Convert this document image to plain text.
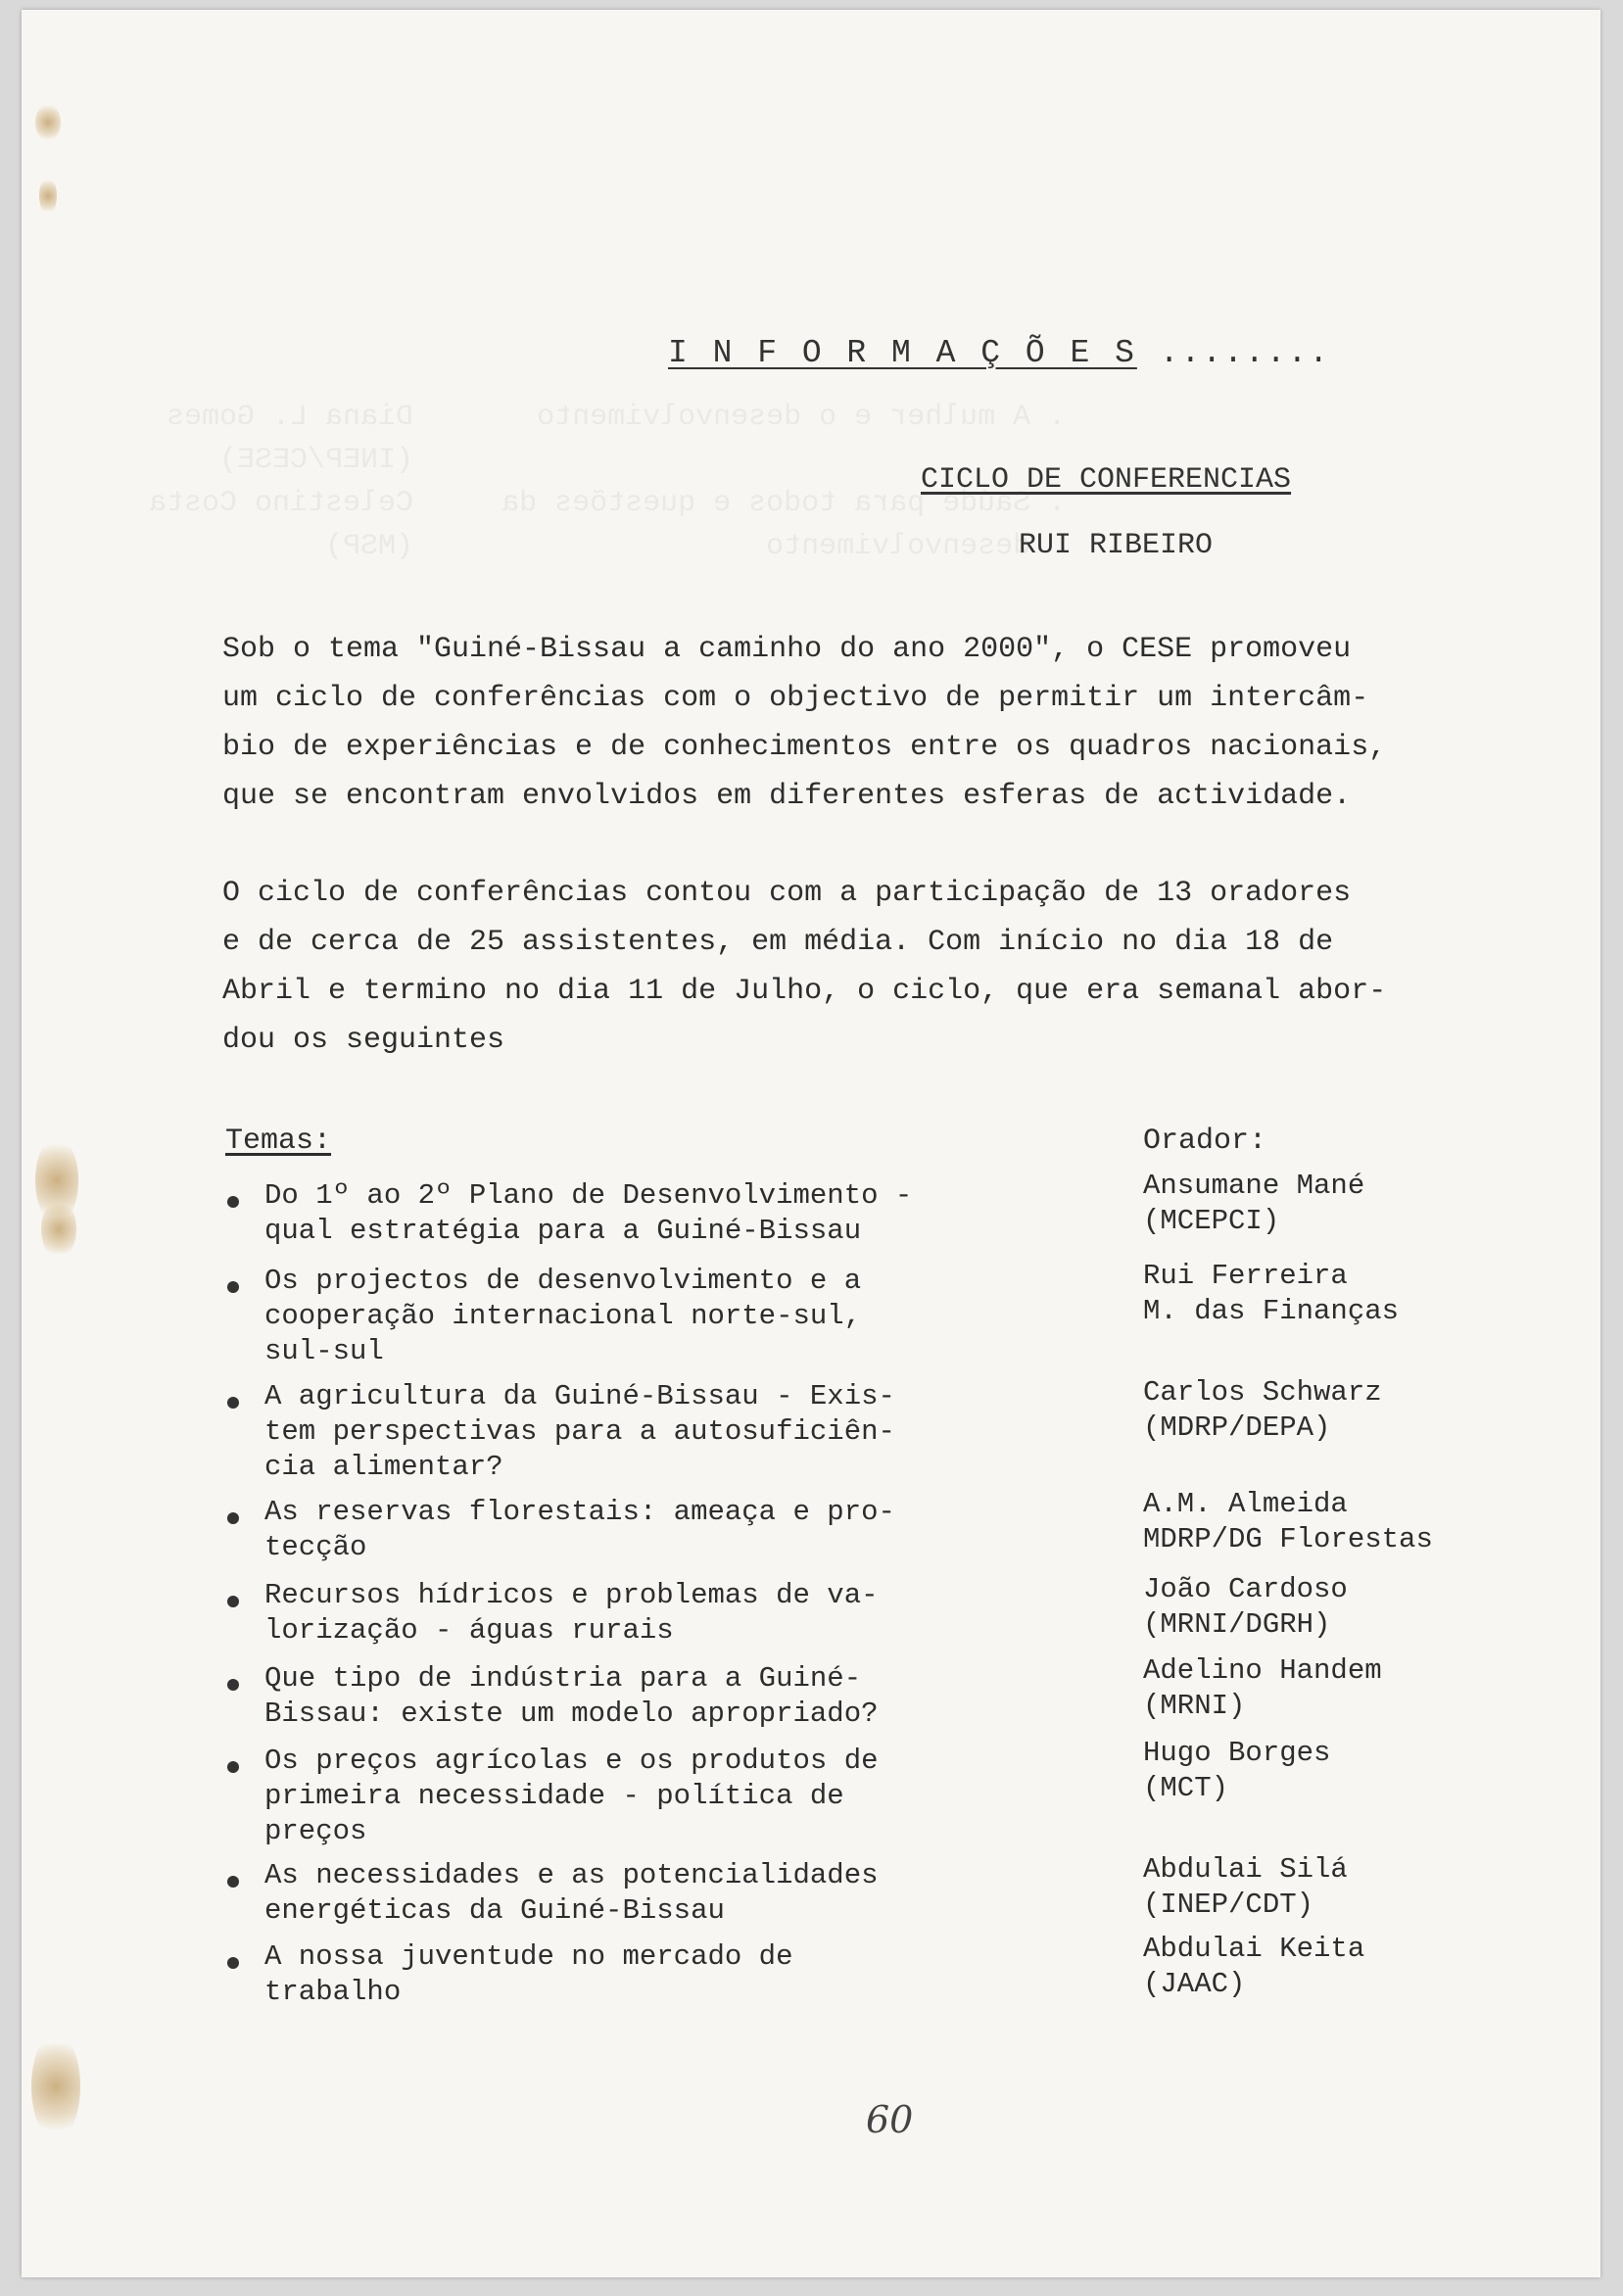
. A mulher e o desenvolvimento       Diana L. Gomes
(INEP/CESE)
. Saúde para todos e questões da     Celestino Costa
desenvolvimento                    (MSP)

I N F O R M A Ç Õ E S ........
CICLO DE CONFERENCIAS
RUI RIBEIRO

Sob o tema "Guiné-Bissau a caminho do ano 2000", o CESE promoveu

um ciclo de conferências com o objectivo de permitir um intercâm-

bio de experiências e de conhecimentos entre os quadros nacionais,

que se encontram envolvidos em diferentes esferas de actividade.

O ciclo de conferências contou com a participação de 13 oradores

e de cerca de 25 assistentes, em média. Com início no dia 18 de

Abril e termino no dia 11 de Julho, o ciclo, que era semanal abor-

dou os seguintes

Temas:	Orador:
Do 1º ao 2º Plano de Desenvolvimento -
qual estratégia para a Guiné-Bissau
Ansumane Mané
(MCEPCI)
Os projectos de desenvolvimento e a
cooperação internacional norte-sul,
sul-sul
Rui Ferreira
M. das Finanças
A agricultura da Guiné-Bissau - Exis-
tem perspectivas para a autosuficiên-
cia alimentar?
Carlos Schwarz
(MDRP/DEPA)
As reservas florestais: ameaça e pro-
tecção
A.M. Almeida
MDRP/DG Florestas
Recursos hídricos e problemas de va-
lorização - águas rurais
João Cardoso
(MRNI/DGRH)
Que tipo de indústria para a Guiné-
Bissau: existe um modelo apropriado?
Adelino Handem
(MRNI)
Os preços agrícolas e os produtos de
primeira necessidade - política de
preços
Hugo Borges
(MCT)
As necessidades e as potencialidades
energéticas da Guiné-Bissau
Abdulai Silá
(INEP/CDT)
A nossa juventude no mercado de
trabalho
Abdulai Keita
(JAAC)
60
